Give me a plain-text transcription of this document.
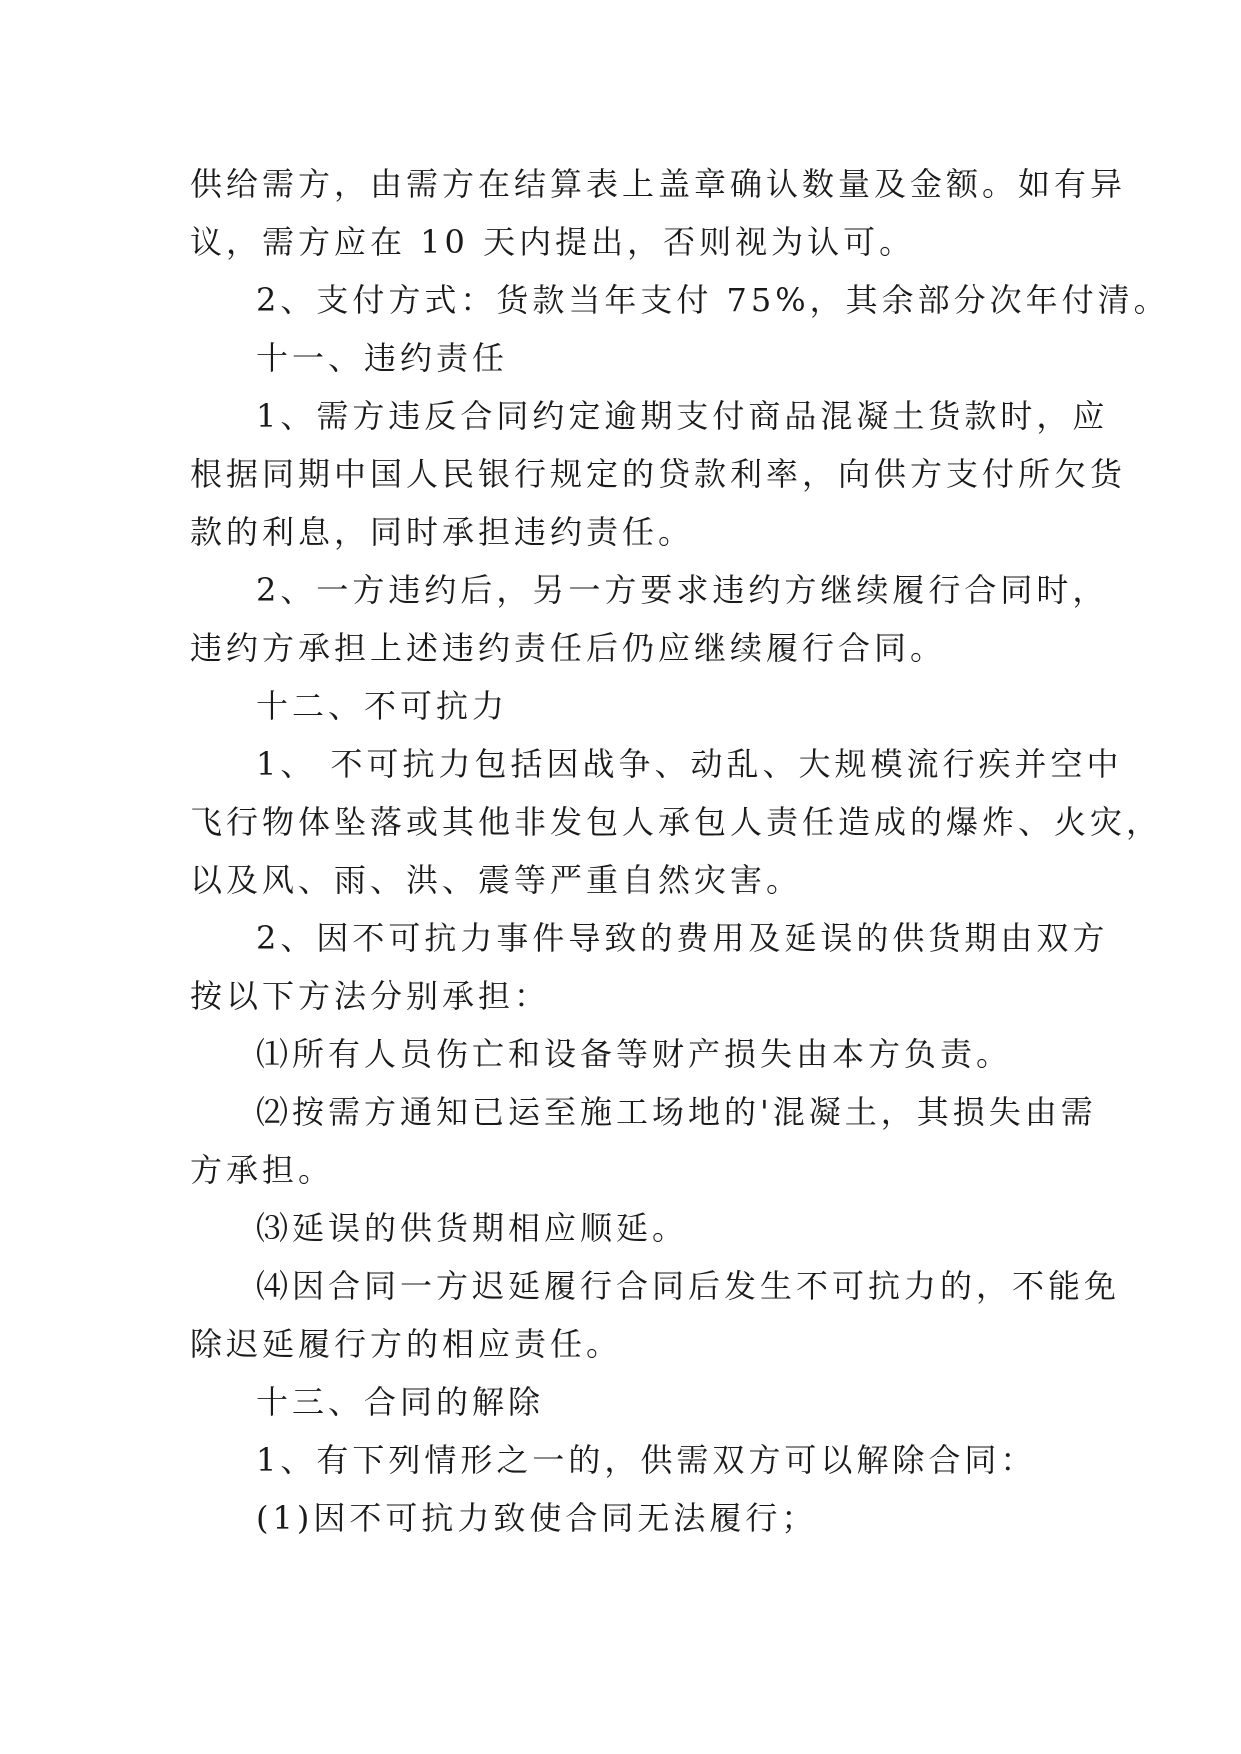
供给需方，由需方在结算表上盖章确认数量及金额。如有异

议，需方应在 10 天内提出，否则视为认可。

2、支付方式：货款当年支付 75%，其余部分次年付清。

十一、违约责任

1、需方违反合同约定逾期支付商品混凝土货款时，应

根据同期中国人民银行规定的贷款利率，向供方支付所欠货

款的利息，同时承担违约责任。

2、一方违约后，另一方要求违约方继续履行合同时，

违约方承担上述违约责任后仍应继续履行合同。

十二、不可抗力

1、 不可抗力包括因战争、动乱、大规模流行疾并空中

飞行物体坠落或其他非发包人承包人责任造成的爆炸、火灾，

以及风、雨、洪、震等严重自然灾害。

2、因不可抗力事件导致的费用及延误的供货期由双方

按以下方法分别承担：

⑴所有人员伤亡和设备等财产损失由本方负责。

⑵按需方通知已运至施工场地的'混凝土，其损失由需

方承担。

⑶延误的供货期相应顺延。

⑷因合同一方迟延履行合同后发生不可抗力的，不能免

除迟延履行方的相应责任。

十三、合同的解除

1、有下列情形之一的，供需双方可以解除合同：

(1)因不可抗力致使合同无法履行；
